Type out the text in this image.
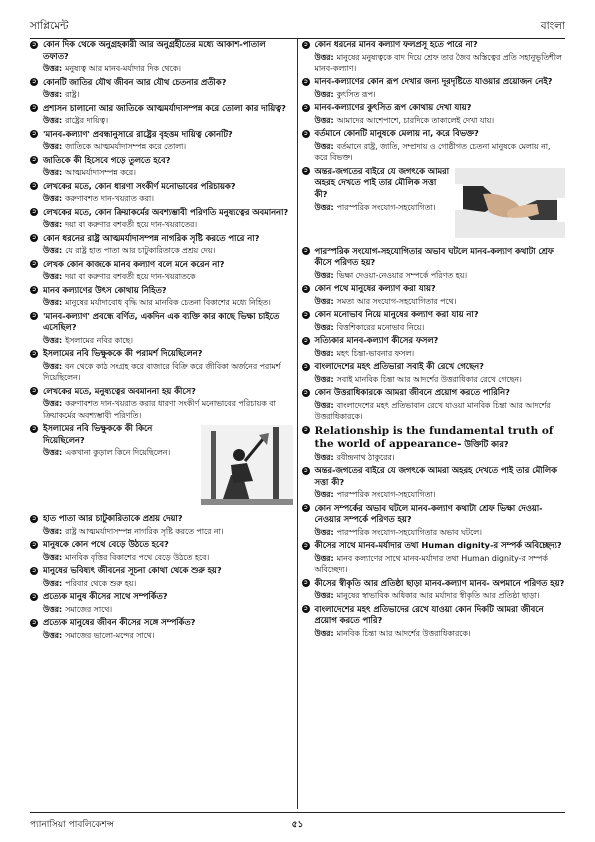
সাপ্লিমেন্ট	বাংলা
➲ কোন দিক থেকে অনুগ্রহকারী আর অনুগ্রহীতের মধ্যে আকাশ-পাতাল তফাত?
উত্তর: মনুষ্যত্ব আর মানব-মর্যাদার দিক থেকে।
➲ কোনটি জাতির যৌথ জীবন আর যৌথ চেতনার প্রতীক?
উত্তর: রাষ্ট্র।
➲ প্রশাসন চালানো আর জাতিকে আত্মমর্যাদাসম্পন্ন করে তোলা কার দায়িত্ব?
উত্তর: রাষ্ট্রের দায়িত্ব।
➲ 'মানব-কল্যাণ' প্রবন্ধানুসারে রাষ্ট্রের বৃহত্তম দায়িত্ব কোনটি?
উত্তর: জাতিকে আত্মমর্যাদাসম্পন্ন করে তোলা।
➲ জাতিকে কী হিসেবে গড়ে তুলতে হবে?
উত্তর: আত্মমর্যাদাসম্পন্ন করে।
➲ লেখকের মতে, কোন ধারণা সংকীর্ণ মনোভাবের পরিচায়ক?
উত্তর: করুণাবশত দান-খয়রাত করা।
➲ লেখকের মতে, কোন ক্রিয়াকর্মের অবশ্যম্ভাবী পরিণতি মনুষ্যত্বের অবমাননা?
উত্তর: দয়া বা করুণার বশবর্তী হয়ে দান-খয়রাতের।
➲ কোন ধরনের রাষ্ট্র আত্মমর্যাদাসম্পন্ন নাগরিক সৃষ্টি করতে পারে না?
উত্তর: যে রাষ্ট্র হাত পাতা আর চাটুকারিতাকে প্রশ্রয় দেয়।
➲ লেখক কোন কাজকে মানব কল্যাণ বলে মনে করেন না?
উত্তর: দয়া বা করুণার বশবর্তী হয়ে দান-খয়রাতকে
➲ মানব কল্যাণের উৎস কোথায় নিহিত?
উত্তর: মানুষের মর্যাদাবোধ বৃদ্ধি আর মানবিক চেতনা বিকাশের মধ্যে নিহিত।
➲ 'মানব-কল্যাণ' প্রবন্ধে বর্ণিত, একদিন এক ব্যক্তি কার কাছে ভিক্ষা চাইতে এসেছিল?
উত্তর: ইসলামের নবির কাছে।
➲ ইসলামের নবি ভিক্ষুককে কী পরামর্শ দিয়েছিলেন?
উত্তর: বন থেকে কাঠ সংগ্রহ করে বাজারে বিক্রি করে জীবিকা অর্জনের পরামর্শ দিয়েছিলেন।
➲ লেখকের মতে, মনুষ্যত্বের অবমাননা হয় কীসে?
উত্তর: করুণাবশত দান-খয়রাত করার ধারণা সংকীর্ণ মনোভাবের পরিচায়ক বা ক্রিয়াকর্মের অবশ্যম্ভাবী পরিণতি।
➲ ইসলামের নবি ভিক্ষুককে কী কিনে দিয়েছিলেন?
উত্তর: একখানা কুড়াল কিনে দিয়েছিলেন।
➲ হাত পাতা আর চাটুকারিতাকে প্রশ্রয় দেয়া?
উত্তর: রাষ্ট্র আত্মমর্যাদাসম্পন্ন নাগরিক সৃষ্টি করতে পারে না।
➲ মানুষকে কোন পথে বেড়ে উঠতে হবে?
উত্তর: মানবিক বৃত্তির বিকাশের পথে বেড়ে উঠতে হবে।
➲ মানুষের ভবিষ্যৎ জীবনের সূচনা কোথা থেকে শুরু হয়?
উত্তর: পরিবার থেকে শুরু হয়।
➲ প্রত্যেক মানুষ কীসের সাথে সম্পর্কিত?
উত্তর: সমাজের সাথে।
➲ প্রত্যেক মানুষের জীবন কীসের সঙ্গে সম্পর্কিত?
উত্তর: সমাজের ভালো-মন্দের সাথে।
➲ কোন ধরনের মানব কল্যাণ ফলপ্রসূ হতে পারে না?
উত্তর: মানুষের মনুষ্যত্বকে বাদ দিয়ে শ্রেফ তার জৈব অস্তিত্বের প্রতি সহানুভূতিশীল মানব-কল্যাণ।
➲ মানব-কল্যাণের কোন রূপ দেখার জন্য দূরদৃষ্টিতে যাওয়ার প্রয়োজন নেই?
উত্তর: কুৎসিত রূপ।
➲ মানব-কল্যাণের কুৎসিত রূপ কোথায় দেখা যায়?
উত্তর: আমাদের আশেপাশে, চারদিকে তাকালেই দেখা যায়।
➲ বর্তমানে কোনটি মানুষকে মেলায় না, করে বিভক্ত?
উত্তর: বর্তমানে রাষ্ট্র, জাতি, সম্প্রদায় ও গোষ্ঠীগত চেতনা মানুষকে মেলায় না, করে বিভক্ত।
➲ অন্তর-জগতের বাইরে যে জগৎকে আমরা অহরহ দেখতে পাই তার মৌলিক সত্তা কী?
উত্তর: পারস্পরিক সংযোগ-সহযোগিতা।
➲ পারস্পরিক সংযোগ-সহযোগিতার অভাব ঘটলে মানব-কল্যাণ কথাটা শ্রেফ কীসে পরিণত হয়?
উত্তর: ভিক্ষা দেওয়া-নেওয়ার সম্পর্কে পরিণত হয়।
➲ কোন পথে মানুষের কল্যাণ করা যায়?
উত্তর: সমতা আর সংযোগ-সহযোগিতার পথে।
➲ কোন মনোভাব নিয়ে মানুষের কল্যাণ করা যায় না?
উত্তর: বিত্তশিকারের মনোভাব নিয়ে।
➲ সত্যিকার মানব-কল্যাণ কীসের ফসল?
উত্তর: মহৎ চিন্তা-ভাবনার ফসল।
➲ বাংলাদেশের মহৎ প্রতিভারা সবাই কী রেখে গেছেন?
উত্তর: সবাই মানবিক চিন্তা আর আদর্শের উত্তরাধিকার রেখে গেছেন।
➲ কোন উত্তরাধিকারকে আমরা জীবনে প্রয়োগ করতে পারিনি?
উত্তর: বাংলাদেশের মহৎ প্রতিভাবান রেখে যাওয়া মানবিক চিন্তা আর আদর্শের উত্তরাধিকারকে।
➲ Relationship is the fundamental truth of the world of appearance- উক্তিটি কার?
উত্তর: রবীন্দ্রনাথ ঠাকুরের।
➲ অন্তর-জগতের বাইরে যে জগৎকে আমরা অহরহ দেখতে পাই তার মৌলিক সত্তা কী?
উত্তর: পারস্পরিক সংযোগ-সহযোগিতা।
➲ কোন সম্পর্কের অভাব ঘটলে মানব-কল্যাণ কথাটা শ্রেফ ভিক্ষা দেওয়া-নেওয়ার সম্পর্কে পরিণত হয়?
উত্তর: পারস্পরিক সংযোগ-সহযোগিতার অভাব ঘটলে।
➲ কীসের সাথে মানব-মর্যাদার তথা Human dignity-র সম্পর্ক অবিচ্ছেদ্য?
উত্তর: মানব কল্যাণের সাথে মানব-মর্যাদার তথা Human dignity-র সম্পর্ক অবিচ্ছেদ্য।
➲ কীসের স্বীকৃতি আর প্রতিষ্ঠা ছাড়া মানব-কল্যাণ মানব- অপমানে পরিণত হয়?
উত্তর: মানুষের স্বাভাবিক অধিকার আর মর্যাদার স্বীকৃতি আর প্রতিষ্ঠা ছাড়া।
➲ বাংলাদেশের মহৎ প্রতিভাদের রেখে যাওয়া কোন দিকটি আমরা জীবনে প্রয়োগ করতে পারি?
উত্তর: মানবিক চিন্তা আর আদর্শের উত্তরাধিকারকে।
প্যানাসিয়া পাবলিকেশন্স	৫১
